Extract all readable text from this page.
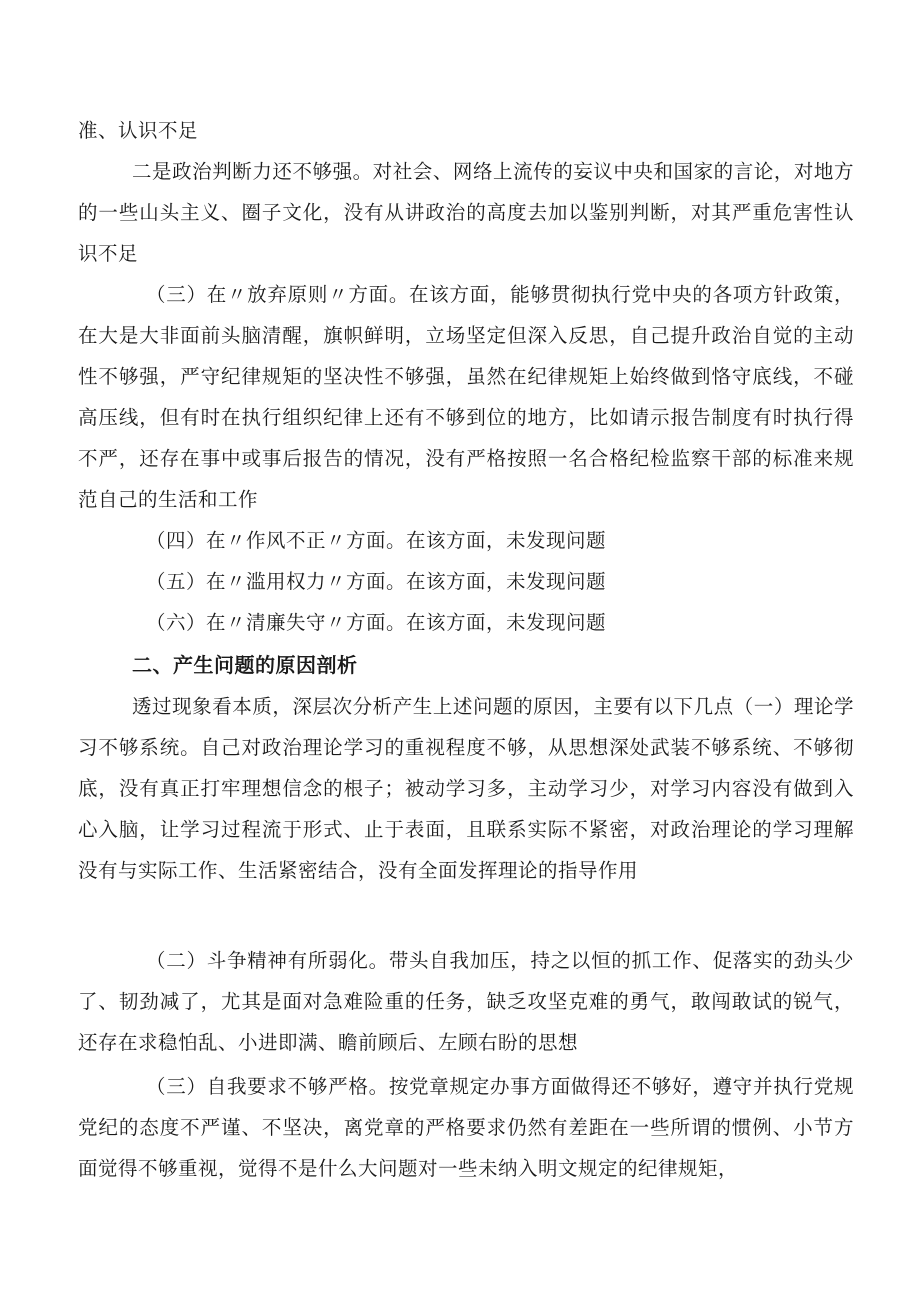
准、认识不足

二是政治判断力还不够强。对社会、网络上流传的妄议中央和国家的言论，对地方的一些山头主义、圈子文化，没有从讲政治的高度去加以鉴别判断，对其严重危害性认识不足

（三）在〃放弃原则〃方面。在该方面，能够贯彻执行党中央的各项方针政策，在大是大非面前头脑清醒，旗帜鲜明，立场坚定但深入反思，自己提升政治自觉的主动性不够强，严守纪律规矩的坚决性不够强，虽然在纪律规矩上始终做到恪守底线，不碰高压线，但有时在执行组织纪律上还有不够到位的地方，比如请示报告制度有时执行得不严，还存在事中或事后报告的情况，没有严格按照一名合格纪检监察干部的标准来规范自己的生活和工作

（四）在〃作风不正〃方面。在该方面，未发现问题

（五）在〃滥用权力〃方面。在该方面，未发现问题

（六）在〃清廉失守〃方面。在该方面，未发现问题

二、产生问题的原因剖析

透过现象看本质，深层次分析产生上述问题的原因，主要有以下几点（一）理论学习不够系统。自己对政治理论学习的重视程度不够，从思想深处武装不够系统、不够彻底，没有真正打牢理想信念的根子；被动学习多，主动学习少，对学习内容没有做到入心入脑，让学习过程流于形式、止于表面，且联系实际不紧密，对政治理论的学习理解没有与实际工作、生活紧密结合，没有全面发挥理论的指导作用

（二）斗争精神有所弱化。带头自我加压，持之以恒的抓工作、促落实的劲头少了、韧劲减了，尤其是面对急难险重的任务，缺乏攻坚克难的勇气，敢闯敢试的锐气，还存在求稳怕乱、小进即满、瞻前顾后、左顾右盼的思想

（三）自我要求不够严格。按党章规定办事方面做得还不够好，遵守并执行党规党纪的态度不严谨、不坚决，离党章的严格要求仍然有差距在一些所谓的惯例、小节方面觉得不够重视，觉得不是什么大问题对一些未纳入明文规定的纪律规矩，
